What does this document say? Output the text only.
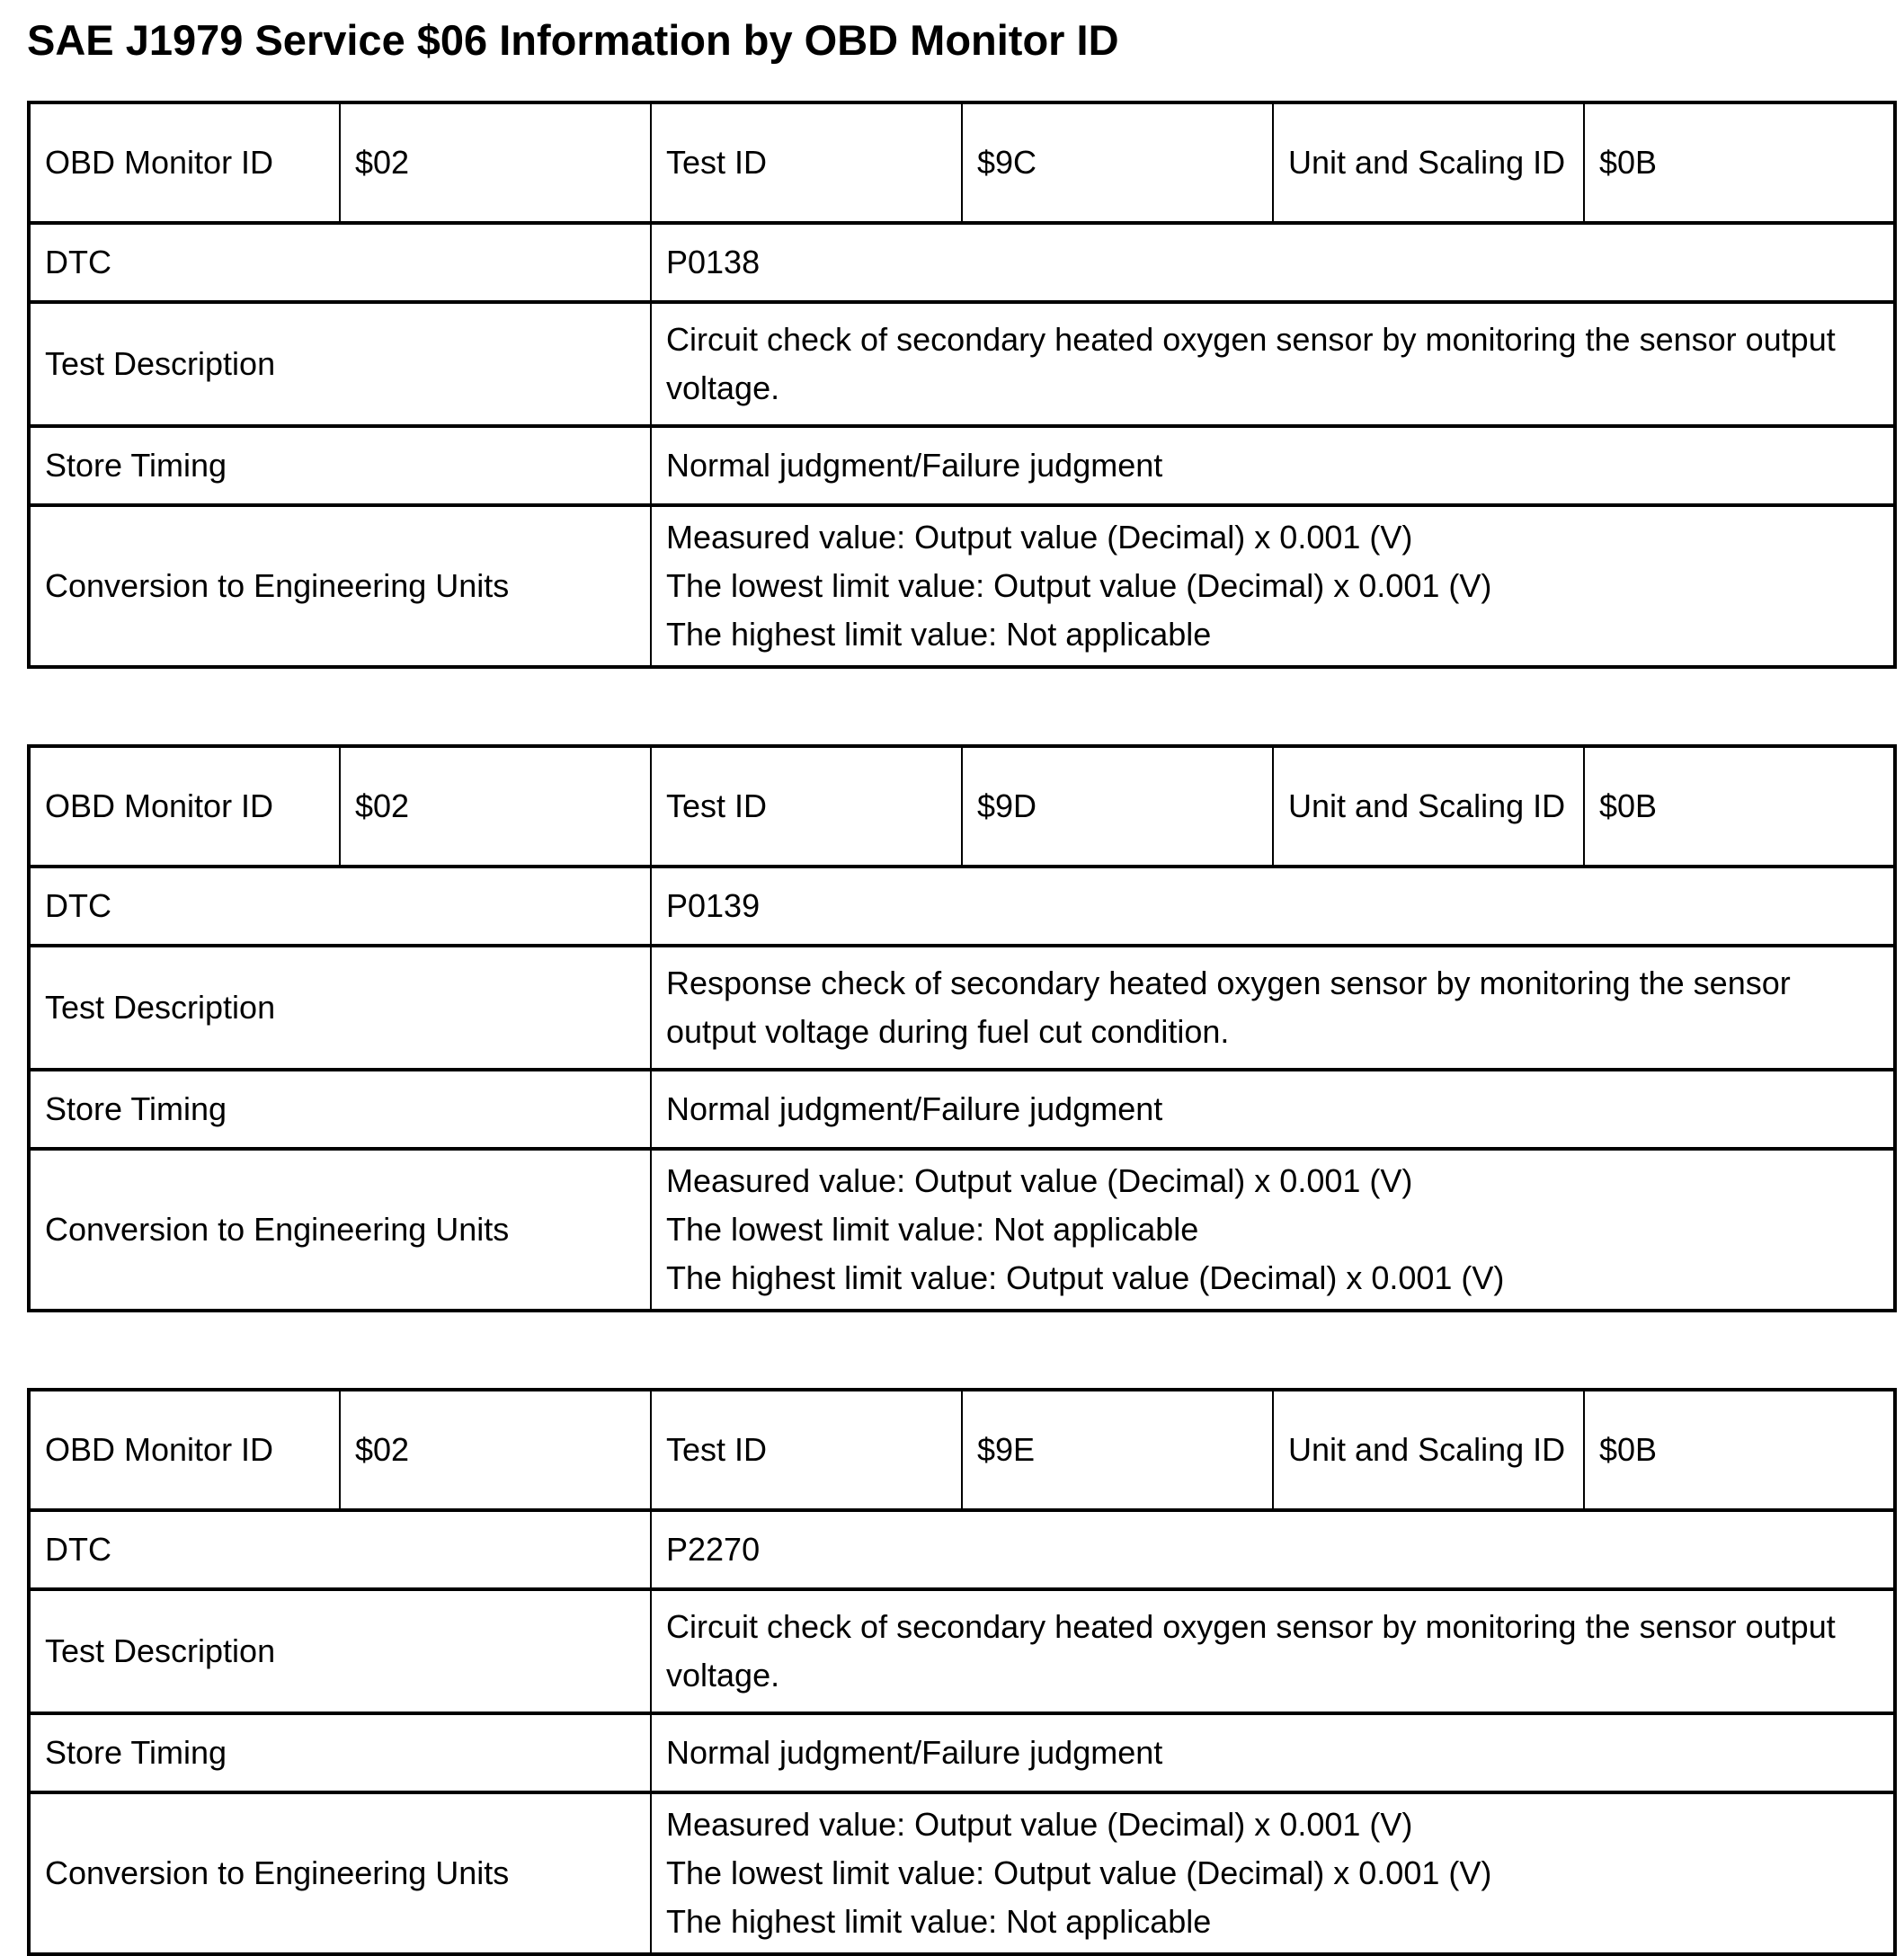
SAE J1979 Service $06 Information by OBD Monitor ID
OBD Monitor ID	$02	Test ID	$9C	Unit and Scaling ID	$0B
DTC		P0138			
Test Description		Circuit check of secondary heated oxygen sensor by monitoring the sensor output voltage.			

Store Timing		Normal judgment/Failure judgment			
Conversion to Engineering Units		Measured value: Output value (Decimal) x 0.001 (V)
The lowest limit value: Output value (Decimal) x 0.001 (V)
The highest limit value: Not applicable			
OBD Monitor ID	$02	Test ID	$9D	Unit and Scaling ID	$0B
DTC		P0139			
Test Description		Response check of secondary heated oxygen sensor by monitoring the sensor output voltage during fuel cut condition.			

Store Timing		Normal judgment/Failure judgment			
Conversion to Engineering Units		Measured value: Output value (Decimal) x 0.001 (V)
The lowest limit value: Not applicable
The highest limit value: Output value (Decimal) x 0.001 (V)			
OBD Monitor ID	$02	Test ID	$9E	Unit and Scaling ID	$0B
DTC		P2270			
Test Description		Circuit check of secondary heated oxygen sensor by monitoring the sensor output voltage.			

Store Timing		Normal judgment/Failure judgment			
Conversion to Engineering Units		Measured value: Output value (Decimal) x 0.001 (V)
The lowest limit value: Output value (Decimal) x 0.001 (V)
The highest limit value: Not applicable			
